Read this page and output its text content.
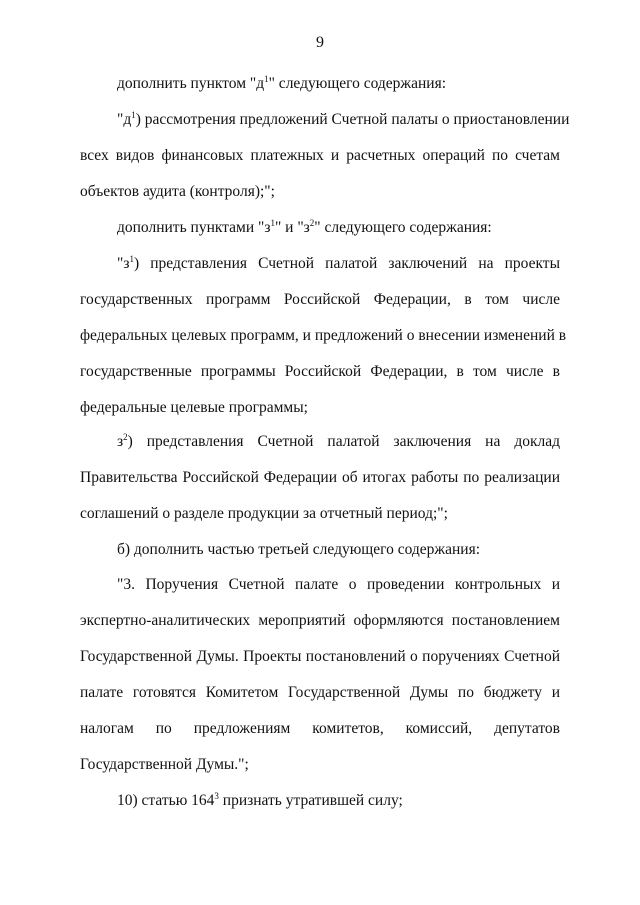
9
дополнить пунктом "$д^1$" следующего содержания:
"$д^1$) рассмотрения предложений Счетной палаты о приостановлении
всех видов финансовых платежных и расчетных операций по счетам
объектов аудита (контроля);";
дополнить пунктами "$з^1$" и "$з^2$" следующего содержания:
"$з^1$) представления Счетной палатой заключений на проекты
государственных программ Российской Федерации, в том числе
федеральных целевых программ, и предложений о внесении изменений в
государственные программы Российской Федерации, в том числе в
федеральные целевые программы;
$з^2$) представления Счетной палатой заключения на доклад
Правительства Российской Федерации об итогах работы по реализации
соглашений о разделе продукции за отчетный период;";
б) дополнить частью третьей следующего содержания:
"3. Поручения Счетной палате о проведении контрольных и
экспертно-аналитических мероприятий оформляются постановлением
Государственной Думы. Проекты постановлений о поручениях Счетной
палате готовятся Комитетом Государственной Думы по бюджету и
налогам по предложениям комитетов, комиссий, депутатов
Государственной Думы.";
10) статью $164^3$ признать утратившей силу;
